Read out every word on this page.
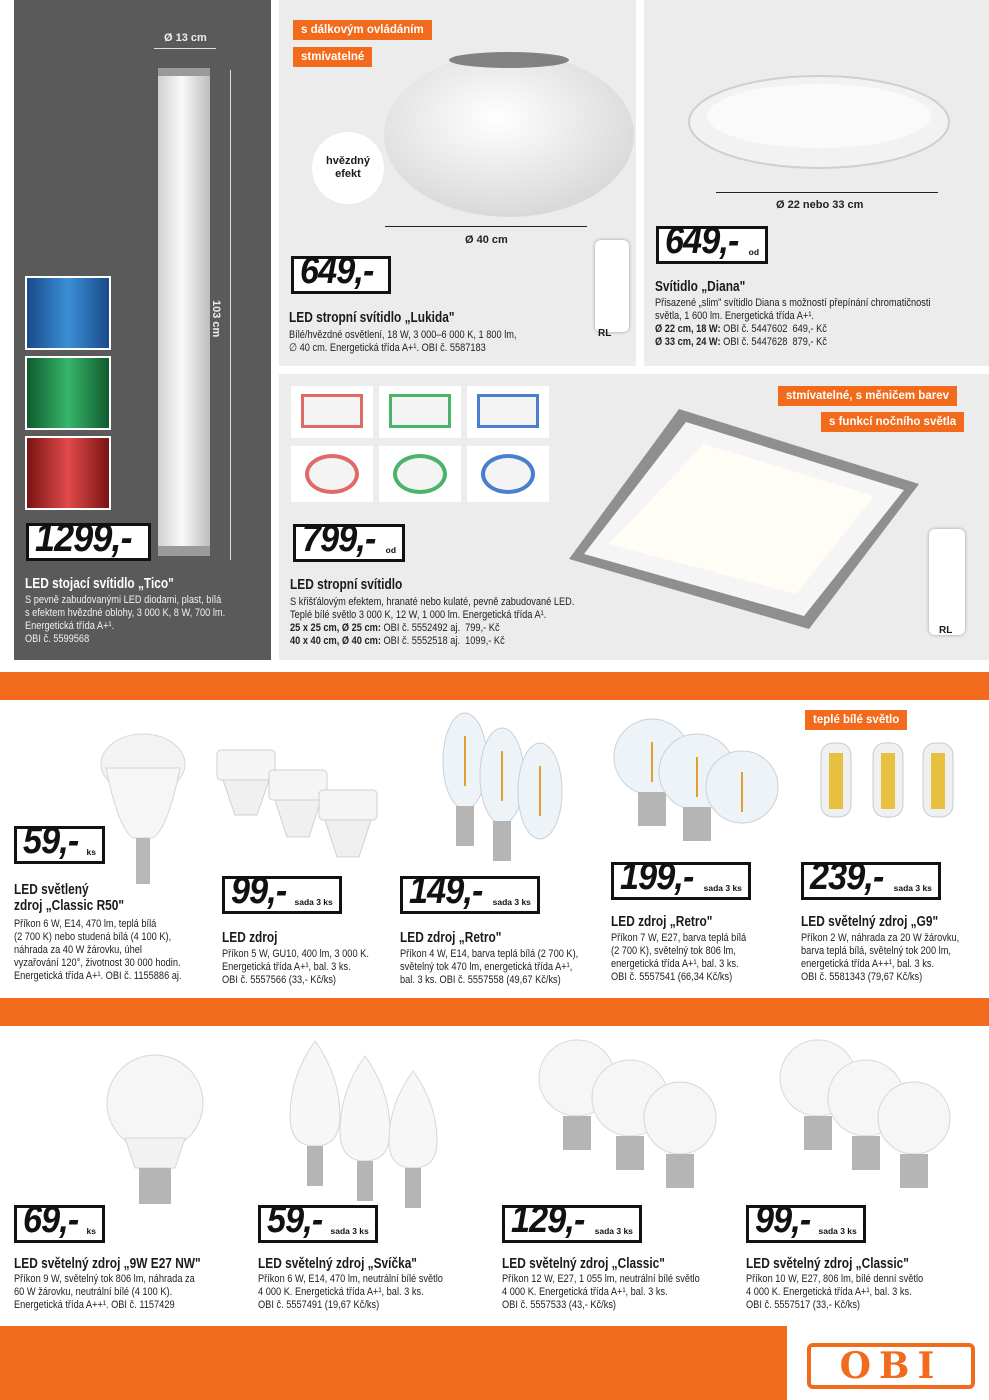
103 cm
Ø 13 cm
1299,-
LED stojací svítidlo „Tico"
S pevně zabudovanými LED diodami, plast, bílá
s efektem hvězdné oblohy, 3 000 K, 8 W, 700 lm.
Energetická třída A+¹.
OBI č. 5599568
s dálkovým ovládáním
stmívatelné
hvězdný efekt
Ø 40 cm
RL
649,-
LED stropní svítidlo „Lukida"
Bílé/hvězdné osvětlení, 18 W, 3 000–6 000 K, 1 800 lm,
∅ 40 cm. Energetická třída A+¹. OBI č. 5587183
Ø 22 nebo 33 cm
649,- od
Svítidlo „Diana"
Přisazené „slim" svítidlo Diana s možností přepínání chromatičnosti
světla, 1 600 lm. Energetická třída A+¹.
Ø 22 cm, 18 W: OBI č. 5447602  649,- Kč
Ø 33 cm, 24 W: OBI č. 5447628  879,- Kč
stmívatelné, s měničem barev
s funkcí nočního světla
RL
799,- od
LED stropní svítidlo
S křišťálovým efektem, hranaté nebo kulaté, pevně zabudované LED.
Teplé bílé světlo 3 000 K, 12 W, 1 000 lm. Energetická třída A¹.
25 x 25 cm, Ø 25 cm: OBI č. 5552492 aj.  799,- Kč
40 x 40 cm, Ø 40 cm: OBI č. 5552518 aj.  1099,- Kč
59,- ks
LED světlený
zdroj „Classic R50"
Příkon 6 W, E14, 470 lm, teplá bílá
(2 700 K) nebo studená bílá (4 100 K),
náhrada za 40 W žárovku, úhel
vyzařování 120°, životnost 30 000 hodin.
Energetická třída A+¹. OBI č. 1155886 aj.
99,- sada 3 ks
LED zdroj
Příkon 5 W, GU10, 400 lm, 3 000 K.
Energetická třída A+¹, bal. 3 ks.
OBI č. 5557566 (33,- Kč/ks)
149,- sada 3 ks
LED zdroj „Retro"
Příkon 4 W, E14, barva teplá bílá (2 700 K),
světelný tok 470 lm, energetická třída A+¹,
bal. 3 ks. OBI č. 5557558 (49,67 Kč/ks)
199,- sada 3 ks
LED zdroj „Retro"
Příkon 7 W, E27, barva teplá bílá
(2 700 K), světelný tok 806 lm,
energetická třída A+¹, bal. 3 ks.
OBI č. 5557541 (66,34 Kč/ks)
teplé bílé světlo
239,- sada 3 ks
LED světelný zdroj „G9"
Příkon 2 W, náhrada za 20 W žárovku,
barva teplá bílá, světelný tok 200 lm,
energetická třída A++¹, bal. 3 ks.
OBI č. 5581343 (79,67 Kč/ks)
69,- ks
LED světelný zdroj „9W E27 NW"
Příkon 9 W, světelný tok 806 lm, náhrada za
60 W žárovku, neutrální bílé (4 100 K).
Energetická třída A++¹. OBI č. 1157429
59,- sada 3 ks
LED světelný zdroj „Svíčka"
Příkon 6 W, E14, 470 lm, neutrální bílé světlo
4 000 K. Energetická třída A+¹, bal. 3 ks.
OBI č. 5557491 (19,67 Kč/ks)
129,- sada 3 ks
LED světelný zdroj „Classic"
Příkon 12 W, E27, 1 055 lm, neutrální bílé světlo
4 000 K. Energetická třída A+¹, bal. 3 ks.
OBI č. 5557533 (43,- Kč/ks)
99,- sada 3 ks
LED světelný zdroj „Classic"
Příkon 10 W, E27, 806 lm, bílé denní světlo
4 000 K. Energetická třída A+¹, bal. 3 ks.
OBI č. 5557517 (33,- Kč/ks)
OBI
